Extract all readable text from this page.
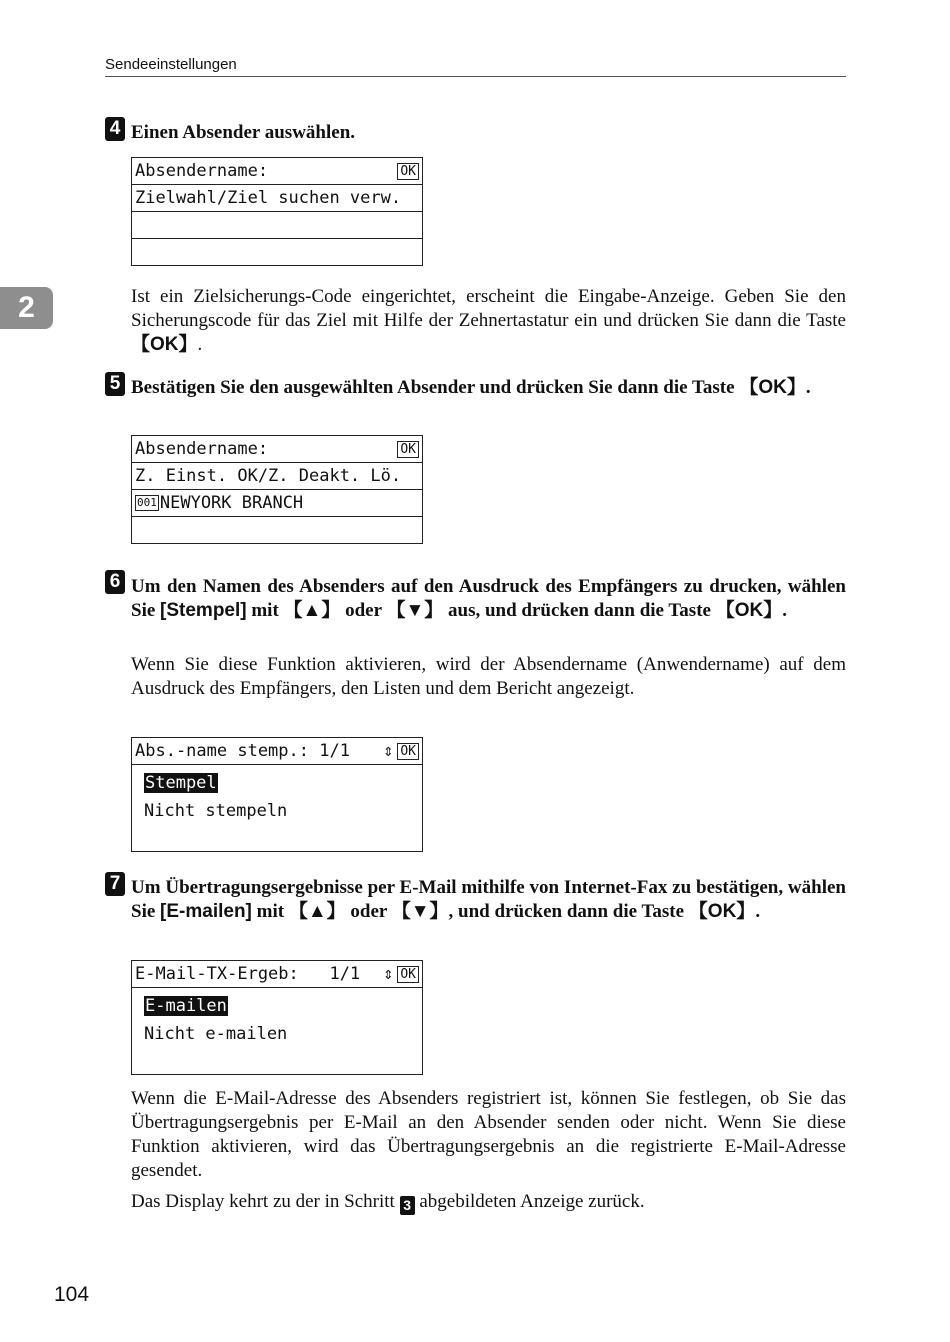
Sendeeinstellungen
2
4 Einen Absender auswählen.
Absendername:	OK
Zielwahl/Ziel suchen verw.
Ist ein Zielsicherungs-Code eingerichtet, erscheint die Eingabe-Anzeige. Geben Sie den Sicherungscode für das Ziel mit Hilfe der Zehnertastatur ein und drücken Sie dann die Taste 【OK】.
5 Bestätigen Sie den ausgewählten Absender und drücken Sie dann die Taste 【OK】.
Absendername:	OK
Z. Einst. OK/Z. Deakt. Lö.
001 NEWYORK BRANCH
6 Um den Namen des Absenders auf den Ausdruck des Empfängers zu drucken, wählen Sie [Stempel] mit 【▲】 oder 【▼】 aus, und drücken dann die Taste 【OK】.
Wenn Sie diese Funktion aktivieren, wird der Absendername (Anwendername) auf dem Ausdruck des Empfängers, den Listen und dem Bericht angezeigt.
Abs.-name stemp.: 1/1	⇕ OK
Stempel
Nicht stempeln
7 Um Übertragungsergebnisse per E-Mail mithilfe von Internet-Fax zu bestätigen, wählen Sie [E-mailen] mit 【▲】 oder 【▼】, und drücken dann die Taste 【OK】.
E-Mail-TX-Ergeb:   1/1	⇕ OK
E-mailen
Nicht e-mailen
Wenn die E-Mail-Adresse des Absenders registriert ist, können Sie festlegen, ob Sie das Übertragungsergebnis per E-Mail an den Absender senden oder nicht. Wenn Sie diese Funktion aktivieren, wird das Übertragungsergebnis an die registrierte E-Mail-Adresse gesendet.
Das Display kehrt zu der in Schritt 3 abgebildeten Anzeige zurück.
104
